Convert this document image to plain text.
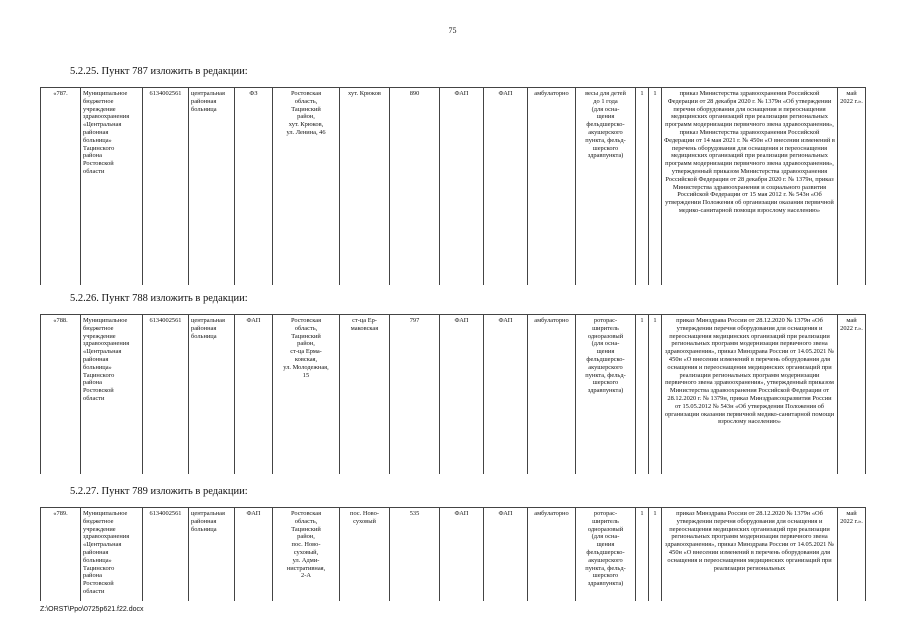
75
5.2.25. Пункт 787 изложить в редакции:
«787.	Муниципальное
бюджетное
учреждение
здравоохранения
«Центральная
районная
больница»
Тацинского
района
Ростовской
области	6134002561	центральная
районная
больница	ФЗ	Ростовская
область,
Тацинский
район,
хут. Крюков,
ул. Ленина, 46	хут. Крюков	890	ФАП	ФАП	амбулаторно	весы для детей
до 1 года
(для осна-
щения
фельдшерско-
акушерского
пункта, фельд-
шерского
здравпункта)	1	1	приказ Министерства здравоохранения Российской Федерации от 28 декабря 2020 г. № 1379н «Об утверждении перечня оборудования для оснащения и переоснащения медицинских организаций при реализации региональных программ модернизации первичного звена здравоохранения», приказ Министерства здравоохранения Российской Федерации от 14 мая 2021 г. № 450н «О внесении изменений в перечень оборудования для оснащения и переоснащения медицинских организаций при реализации региональных программ модернизации первичного звена здравоохранения», утвержденный приказом Министерства здравоохранения Российской Федерации от 28 декабря 2020 г. № 1379н, приказ Министерства здравоохранения и социального развития Российской Федерации от 15 мая 2012 г. № 543н «Об утверждении Положения об организации оказания первичной медико-санитарной помощи взрослому населению»	май
2022 г.».
5.2.26. Пункт 788 изложить в редакции:
«788.	Муниципальное
бюджетное
учреждение
здравоохранения
«Центральная
районная
больница»
Тацинского
района
Ростовской
области	6134002561	центральная
районная
больница	ФАП	Ростовская
область,
Тацинский
район,
ст-ца Ерма-
ковская,
ул. Молодежная,
15	ст-ца Ер-
маковская	797	ФАП	ФАП	амбулаторно	роторас-
ширитель
одноразовый
(для осна-
щения
фельдшерско-
акушерского
пункта, фельд-
шерского
здравпункта)	1	1	приказ Минздрава России от 28.12.2020 № 1379н «Об утверждении перечня оборудования для оснащения и переоснащения медицинских организаций при реализации региональных программ модернизации первичного звена здравоохранения», приказ Минздрава России от 14.05.2021 № 450н «О внесении изменений в перечень оборудования для оснащения и переоснащения медицинских организаций при реализации региональных программ модернизации первичного звена здравоохранения», утвержденный приказом Министерства здравоохранения Российской Федерации от 28.12.2020 г. № 1379н, приказ Минздравсоцразвития России от 15.05.2012 № 543н «Об утверждении Положения об организации оказания первичной медико-санитарной помощи взрослому населению»	май
2022 г.».
5.2.27. Пункт 789 изложить в редакции:
«789.	Муниципальное
бюджетное
учреждение
здравоохранения
«Центральная
районная
больница»
Тацинского
района
Ростовской
области	6134002561	центральная
районная
больница	ФАП	Ростовская
область,
Тацинский
район,
пос. Ново-
суховый,
ул. Адми-
нистративная,
2-А	пос. Ново-
суховый	535	ФАП	ФАП	амбулаторно	роторас-
ширитель
одноразовый
(для осна-
щения
фельдшерско-
акушерского
пункта, фельд-
шерского
здравпункта)	1	1	приказ Минздрава России от 28.12.2020 № 1379н «Об утверждении перечня оборудования для оснащения и переоснащения медицинских организаций при реализации региональных программ модернизации первичного звена здравоохранения», приказ Минздрава России от 14.05.2021 № 450н «О внесении изменений в перечень оборудования для оснащения и переоснащения медицинских организаций при реализации региональных	май
2022 г.».
Z:\ORST\Ppo\0725p621.f22.docx
